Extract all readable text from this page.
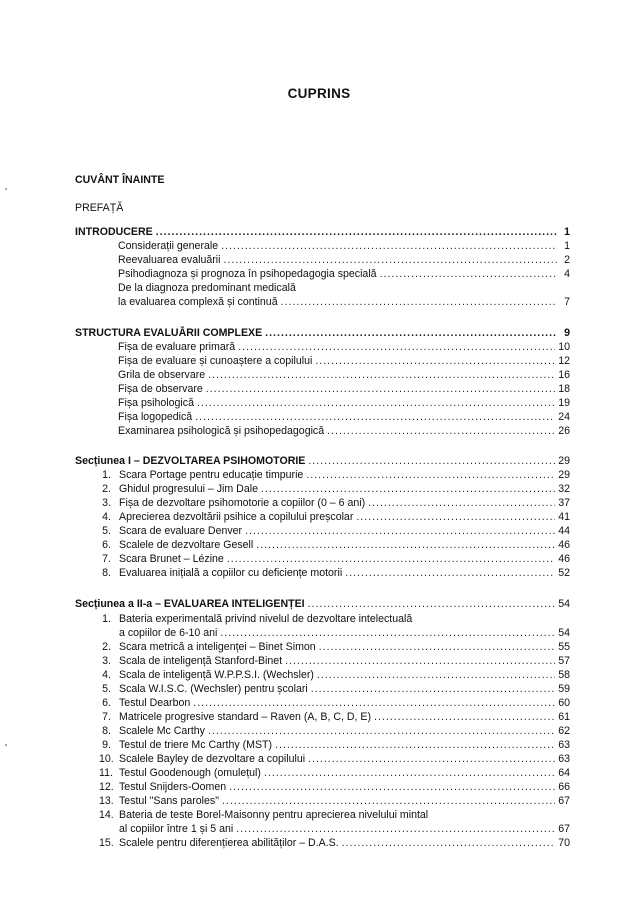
CUPRINS
CUVÂNT ÎNAINTE
PREFAȚĂ
INTRODUCERE .....	1
Considerații generale .....	1
Reevaluarea evaluării .....	2
Psihodiagnoza și prognoza în psihopedagogia specială .....	4
De la diagnoza predominant medicală
la evaluarea complexă și continuă .....	7
STRUCTURA EVALUĂRII COMPLEXE .....	9
Fișa de evaluare primară .....	10
Fișa de evaluare și cunoaștere a copilului .....	12
Grila de observare .....	16
Fișa de observare .....	18
Fișa psihologică .....	19
Fișa logopedică .....	24
Examinarea psihologică și psihopedagogică .....	26
Secțiunea I – DEZVOLTAREA PSIHOMOTORIE .....	29
1. Scara Portage pentru educație timpurie .....	29
2. Ghidul progresului – Jim Dale .....	32
3. Fișa de dezvoltare psihomotorie a copiilor (0 – 6 ani) .....	37
4. Aprecierea dezvoltării psihice a copilului preșcolar .....	41
5. Scara de evaluare Denver .....	44
6. Scalele de dezvoltare Gesell .....	46
7. Scara Brunet – Lézine .....	46
8. Evaluarea inițială a copiilor cu deficiențe motorii .....	52
Secțiunea a II-a – EVALUAREA INTELIGENȚEI .....	54
1. Bateria experimentală privind nivelul de dezvoltare intelectuală
a copiilor de 6-10 ani .....	54
2. Scara metrică a inteligenței – Binet Simon .....	55
3. Scala de inteligență Stanford-Binet .....	57
4. Scala de inteligență W.P.P.S.I. (Wechsler) .....	58
5. Scala W.I.S.C. (Wechsler) pentru școlari .....	59
6. Testul Dearbon .....	60
7. Matricele progresive standard – Raven (A, B, C, D, E) .....	61
8. Scalele Mc Carthy .....	62
9. Testul de triere Mc Carthy (MST) .....	63
10. Scalele Bayley de dezvoltare a copilului .....	63
11. Testul Goodenough (omulețul) .....	64
12. Testul Snijders-Oomen .....	66
13. Testul "Sans paroles" .....	67
14. Bateria de teste Borel-Maisonny pentru aprecierea nivelului mintal
al copiilor între 1 și 5 ani .....	67
15. Scalele pentru diferențierea abilităților – D.A.S. .....	70
